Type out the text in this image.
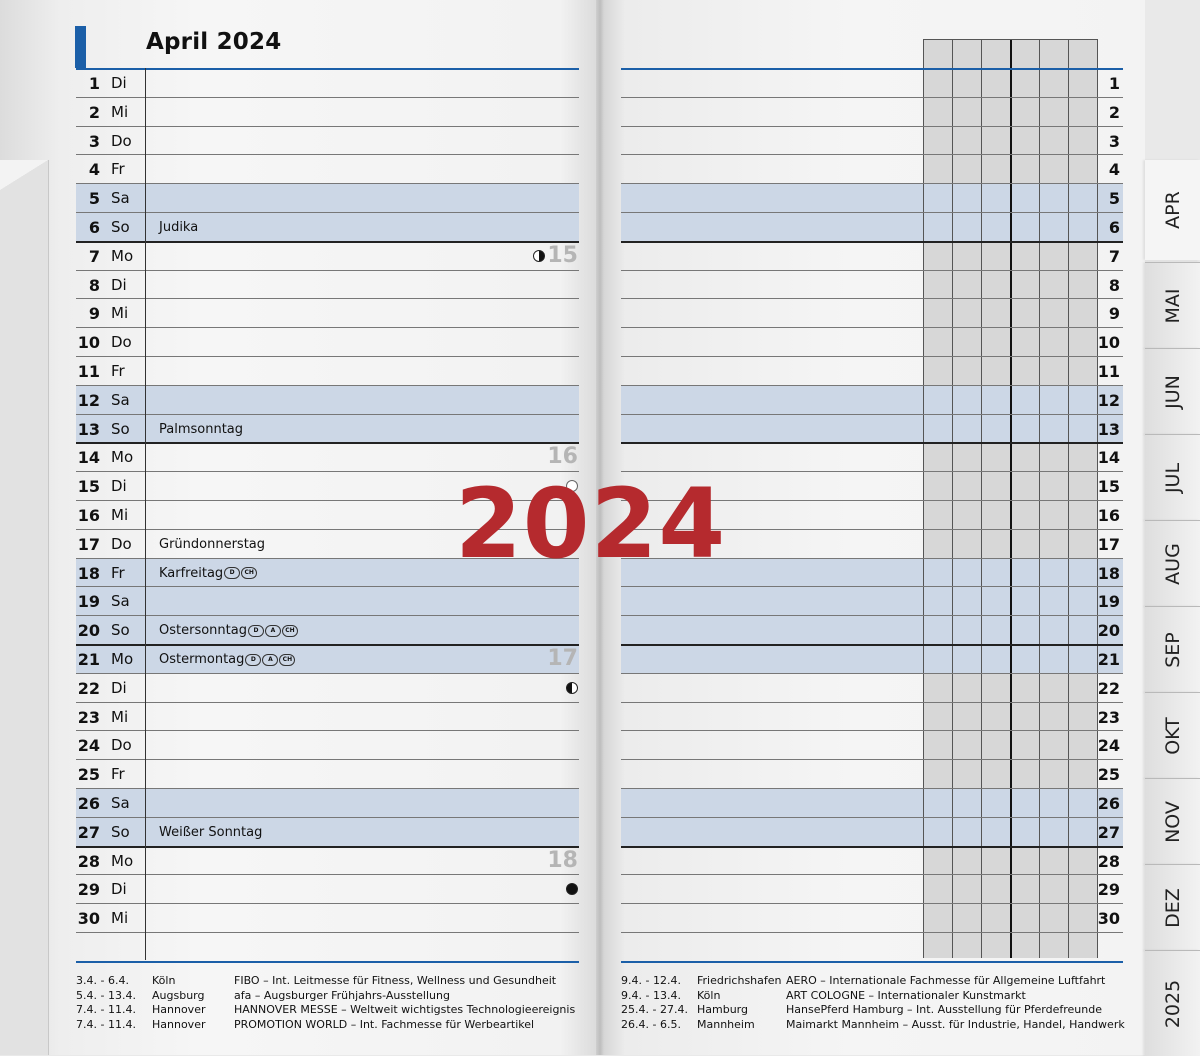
April 2024
1 Di	1
2 Mi	2
3 Do	3
4 Fr	4
5 Sa	5
6 So Judika	6
7 Mo	7
8 Di	8
9 Mi	9
10 Do	10
11 Fr	11
12 Sa	12
13 So Palmsonntag	13
14 Mo	14
15 Di	15
16 Mi	16
17 Do Gründonnerstag	17
18 Fr	Karfreitag D CH	18
19 Sa	19
20 So Ostersonntag D A CH	20
21 Mo Ostermontag D A CH	21
22 Di	22
23 Mi	23
24 Do	24
25 Fr	25
26 Sa	26
27 So Weißer Sonntag	27
28 Mo	28
29 Di	29
30 Mi	30
15
16
17
18
2024
3.4. - 6.4. Köln	FIBO – Int. Leitmesse für Fitness, Wellness und Gesundheit
5.4. - 13.4. Augsburg	afa – Augsburger Frühjahrs-Ausstellung
7.4. - 11.4. Hannover	HANNOVER MESSE – Weltweit wichtigstes Technologieereignis
7.4. - 11.4. Hannover	PROMOTION WORLD – Int. Fachmesse für Werbeartikel
9.4. - 12.4. Friedrichshafen AERO – Internationale Fachmesse für Allgemeine Luftfahrt
9.4. - 13.4. Köln	ART COLOGNE – Internationaler Kunstmarkt
25.4. - 27.4. Hamburg	HansePferd Hamburg – Int. Ausstellung für Pferdefreunde
26.4. - 6.5. Mannheim	Maimarkt Mannheim – Ausst. für Industrie, Handel, Handwerk
APR
MAI
JUN
JUL
AUG
SEP
OKT
NOV
DEZ
2025
